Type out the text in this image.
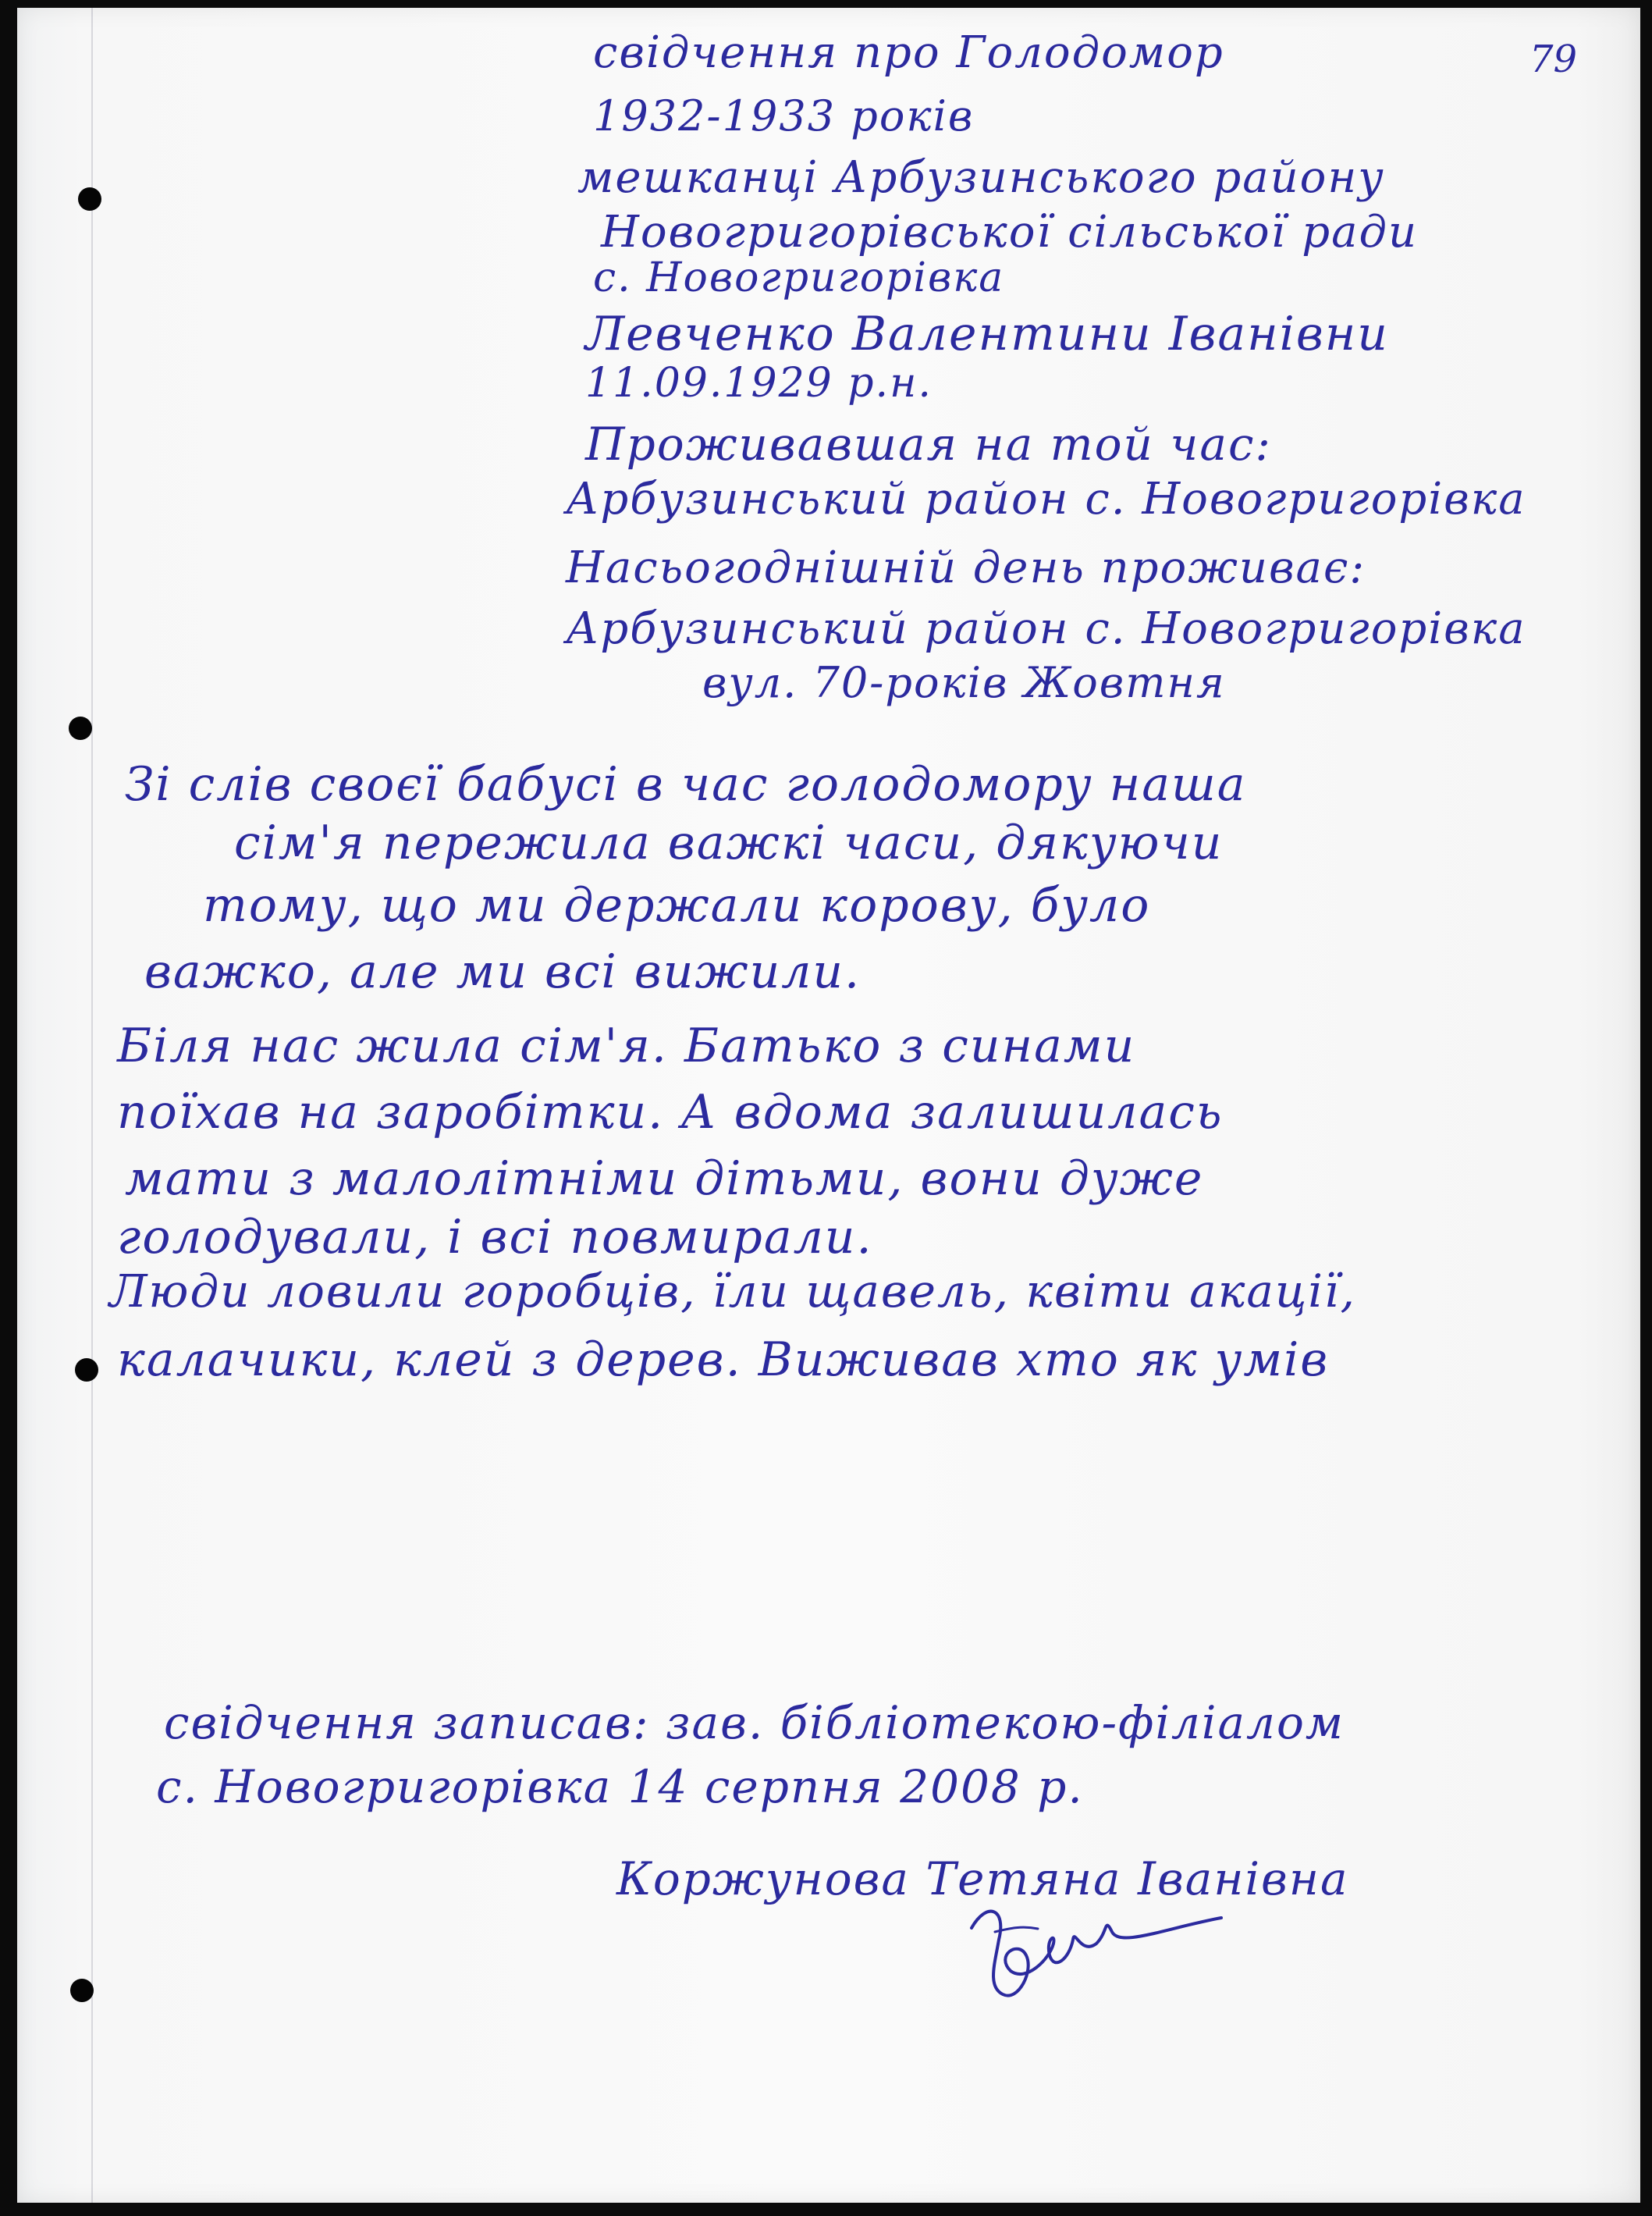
79
свідчення про Голодомор
1932-1933 років
мешканці Арбузинського району
Новогригорівської сільської ради
с. Новогригорівка
Левченко Валентини Іванівни
11.09.1929 р.н.
Проживавшая на той час:
Арбузинський район с. Новогригорівка
Насьогоднішній день проживає:
Арбузинський район с. Новогригорівка
вул. 70-років Жовтня
Зі слів своєї бабусі в час голодомору наша
сім'я пережила важкі часи, дякуючи
тому, що ми держали корову, було
важко, але ми всі вижили.
Біля нас жила сім'я. Батько з синами
поїхав на заробітки. А вдома залишилась
мати з малолітніми дітьми, вони дуже
голодували, і всі повмирали.
Люди ловили горобців, їли щавель, квіти акації,
калачики, клей з дерев. Виживав хто як умів
свідчення записав: зав. бібліотекою-філіалом
с. Новогригорівка 14 серпня 2008 р.
Коржунова Тетяна Іванівна
